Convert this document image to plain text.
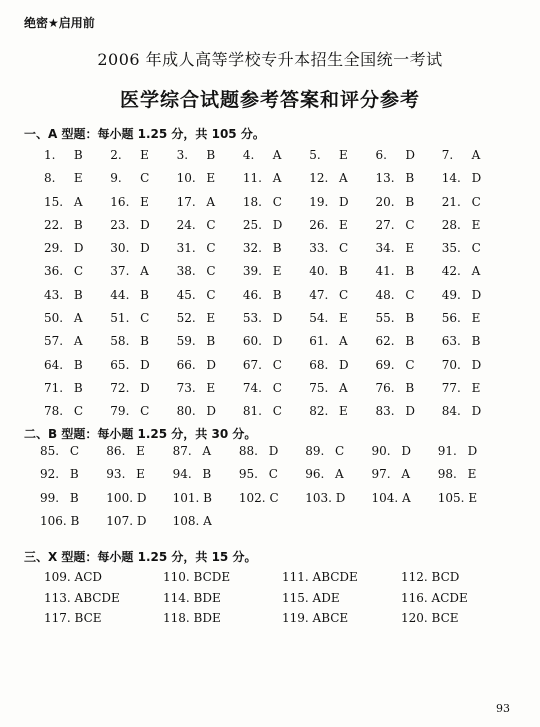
绝密★启用前
2006 年成人高等学校专升本招生全国统一考试
医学综合试题参考答案和评分参考
一、A 型题：每小题 1.25 分，共 105 分。
1. B	2. E	3. B	4. A	5. E	6. D	7. A
8. E	9. C	10. E	11. A	12. A	13. B	14. D
15. A	16. E	17. A	18. C	19. D	20. B	21. C
22. B	23. D	24. C	25. D	26. E	27. C	28. E
29. D	30. D	31. C	32. B	33. C	34. E	35. C
36. C	37. A	38. C	39. E	40. B	41. B	42. A
43. B	44. B	45. C	46. B	47. C	48. C	49. D
50. A	51. C	52. E	53. D	54. E	55. B	56. E
57. A	58. B	59. B	60. D	61. A	62. B	63. B
64. B	65. D	66. D	67. C	68. D	69. C	70. D
71. B	72. D	73. E	74. C	75. A	76. B	77. E
78. C	79. C	80. D	81. C	82. E	83. D	84. D
二、B 型题：每小题 1.25 分，共 30 分。
85. C	86. E	87. A	88. D	89. C	90. D	91. D
92. B	93. E	94. B	95. C	96. A	97. A	98. E
99. B	100. D	101. B	102. C	103. D	104. A	105. E
106. B	107. D	108. A
三、X 型题：每小题 1.25 分，共 15 分。
109. ACD	110. BCDE	111. ABCDE	112. BCD
113. ABCDE	114. BDE	115. ADE	116. ACDE
117. BCE	118. BDE	119. ABCE	120. BCE
93
